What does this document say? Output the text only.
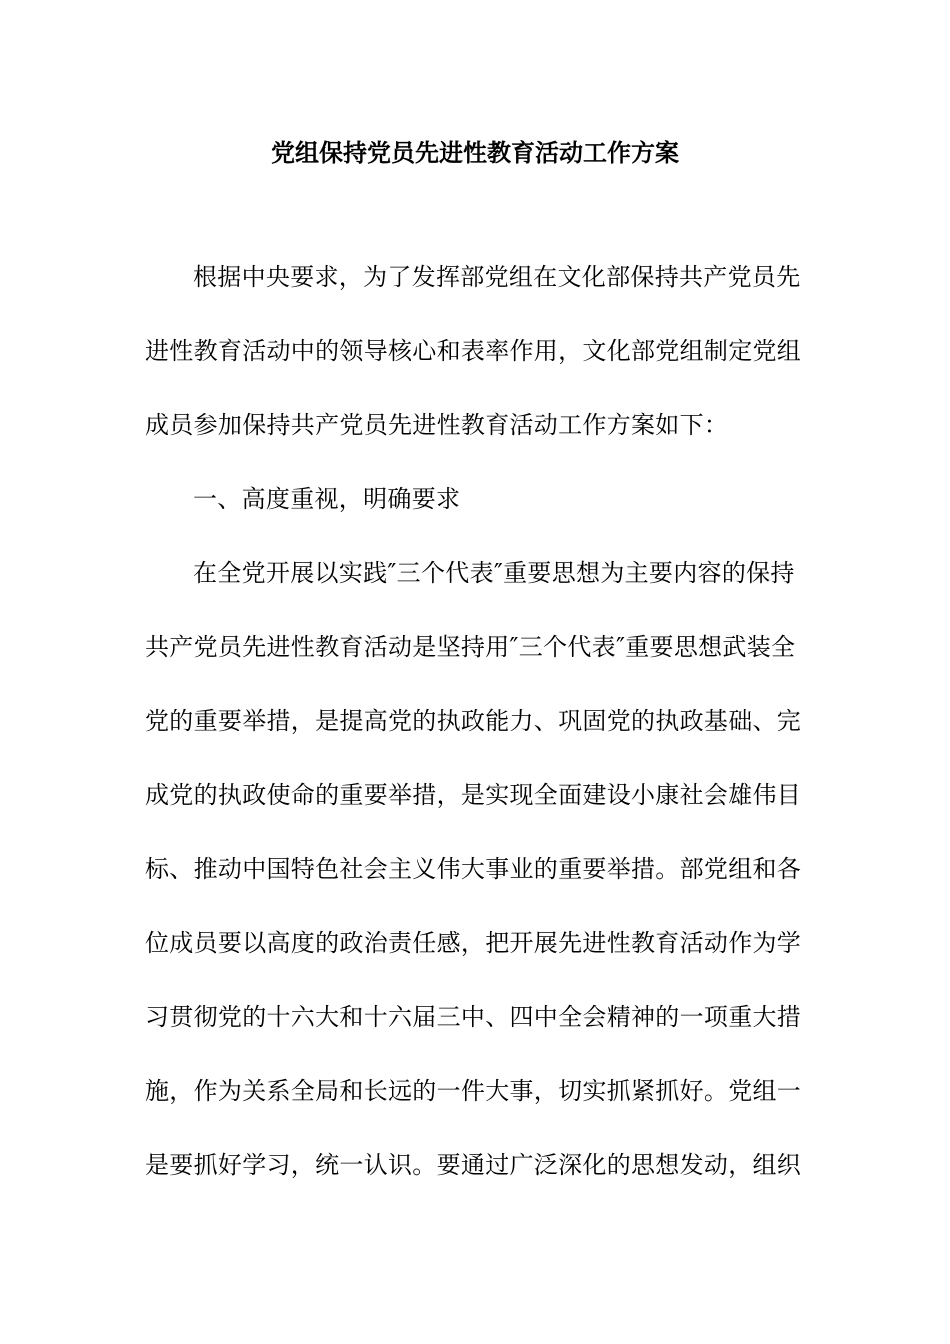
党组保持党员先进性教育活动工作方案
根据中央要求，为了发挥部党组在文化部保持共产党员先
进性教育活动中的领导核心和表率作用，文化部党组制定党组
成员参加保持共产党员先进性教育活动工作方案如下：
一、高度重视，明确要求
在全党开展以实践″三个代表″重要思想为主要内容的保持
共产党员先进性教育活动是坚持用″三个代表″重要思想武装全
党的重要举措，是提高党的执政能力、巩固党的执政基础、完
成党的执政使命的重要举措，是实现全面建设小康社会雄伟目
标、推动中国特色社会主义伟大事业的重要举措。部党组和各
位成员要以高度的政治责任感，把开展先进性教育活动作为学
习贯彻党的十六大和十六届三中、四中全会精神的一项重大措
施，作为关系全局和长远的一件大事，切实抓紧抓好。党组一
是要抓好学习，统一认识。要通过广泛深化的思想发动，组织
